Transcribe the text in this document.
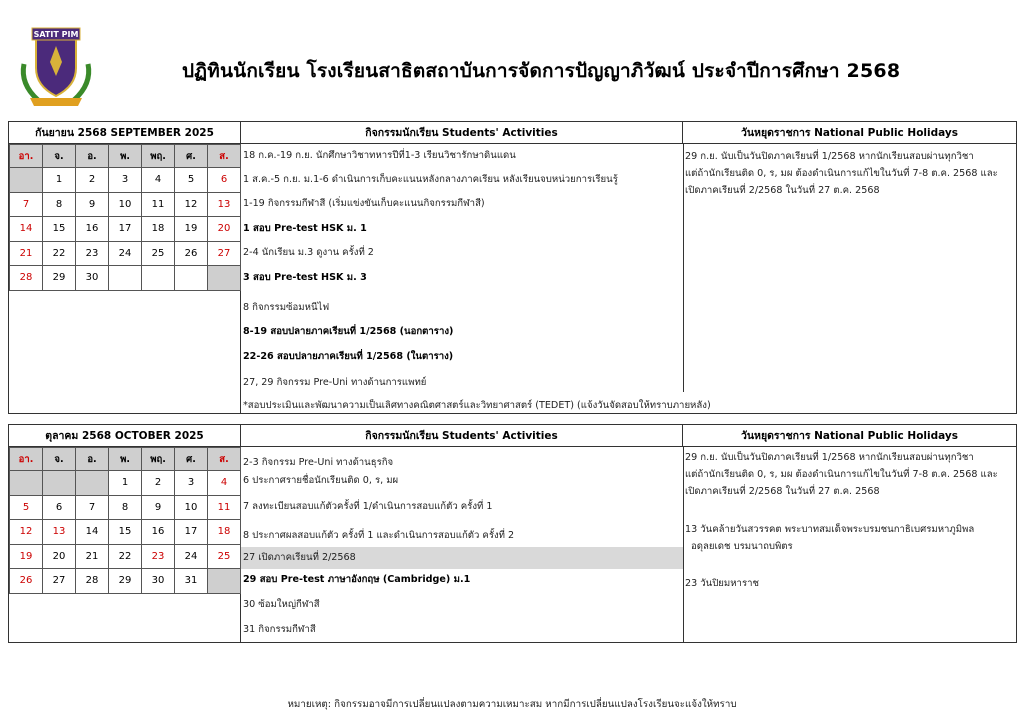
SATIT PIM
ปฏิทินนักเรียน โรงเรียนสาธิตสถาบันการจัดการปัญญาภิวัฒน์ ประจำปีการศึกษา 2568
กันยายน 2568 SEPTEMBER 2025	กิจกรรมนักเรียน Students' Activities	วันหยุดราชการ National Public Holidays
อา.	จ.	อ.	พ.	พฤ.	ศ.	ส.
	1	2	3	4	5	6
7	8	9	10	11	12	13
14	15	16	17	18	19	20
21	22	23	24	25	26	27
28	29	30				
18 ก.ค.-19 ก.ย. นักศึกษาวิชาทหารปีที่1-3 เรียนวิชารักษาดินแดน
1 ส.ค.-5 ก.ย. ม.1-6 ดำเนินการเก็บคะแนนหลังกลางภาคเรียน หลังเรียนจบหน่วยการเรียนรู้
1-19 กิจกรรมกีฬาสี (เริ่มแข่งขันเก็บคะแนนกิจกรรมกีฬาสี)
1 สอบ Pre-test HSK ม. 1
2-4 นักเรียน ม.3 ดูงาน ครั้งที่ 2
3 สอบ Pre-test HSK ม. 3
8 กิจกรรมซ้อมหนีไฟ
8-19 สอบปลายภาคเรียนที่ 1/2568 (นอกตาราง)
22-26 สอบปลายภาคเรียนที่ 1/2568 (ในตาราง)
27, 29 กิจกรรม Pre-Uni ทางด้านการแพทย์
29 ก.ย. นับเป็นวันปิดภาคเรียนที่ 1/2568 หากนักเรียนสอบผ่านทุกวิชา
แต่ถ้านักเรียนติด 0, ร, มผ ต้องดำเนินการแก้ไขในวันที่ 7-8 ต.ค. 2568 และ
เปิดภาคเรียนที่ 2/2568 ในวันที่ 27 ต.ค. 2568
*สอบประเมินและพัฒนาความเป็นเลิศทางคณิตศาสตร์และวิทยาศาสตร์ (TEDET) (แจ้งวันจัดสอบให้ทราบภายหลัง)
ตุลาคม 2568 OCTOBER 2025	กิจกรรมนักเรียน Students' Activities	วันหยุดราชการ National Public Holidays
อา.	จ.	อ.	พ.	พฤ.	ศ.	ส.
			1	2	3	4
5	6	7	8	9	10	11
12	13	14	15	16	17	18
19	20	21	22	23	24	25
26	27	28	29	30	31	
2-3 กิจกรรม Pre-Uni ทางด้านธุรกิจ
6 ประกาศรายชื่อนักเรียนติด 0, ร, มผ
7 ลงทะเบียนสอบแก้ตัวครั้งที่ 1/ดำเนินการสอบแก้ตัว ครั้งที่ 1
8 ประกาศผลสอบแก้ตัว ครั้งที่ 1 และดำเนินการสอบแก้ตัว ครั้งที่ 2
27 เปิดภาคเรียนที่ 2/2568
29 สอบ Pre-test ภาษาอังกฤษ (Cambridge) ม.1
30 ซ้อมใหญ่กีฬาสี
31 กิจกรรมกีฬาสี
29 ก.ย. นับเป็นวันปิดภาคเรียนที่ 1/2568 หากนักเรียนสอบผ่านทุกวิชา
แต่ถ้านักเรียนติด 0, ร, มผ ต้องดำเนินการแก้ไขในวันที่ 7-8 ต.ค. 2568 และ
เปิดภาคเรียนที่ 2/2568 ในวันที่ 27 ต.ค. 2568
13 วันคล้ายวันสวรรคต พระบาทสมเด็จพระบรมชนกาธิเบศรมหาภูมิพล
อดุลยเดช บรมนาถบพิตร
23 วันปิยมหาราช
หมายเหตุ: กิจกรรมอาจมีการเปลี่ยนแปลงตามความเหมาะสม หากมีการเปลี่ยนแปลงโรงเรียนจะแจ้งให้ทราบ
